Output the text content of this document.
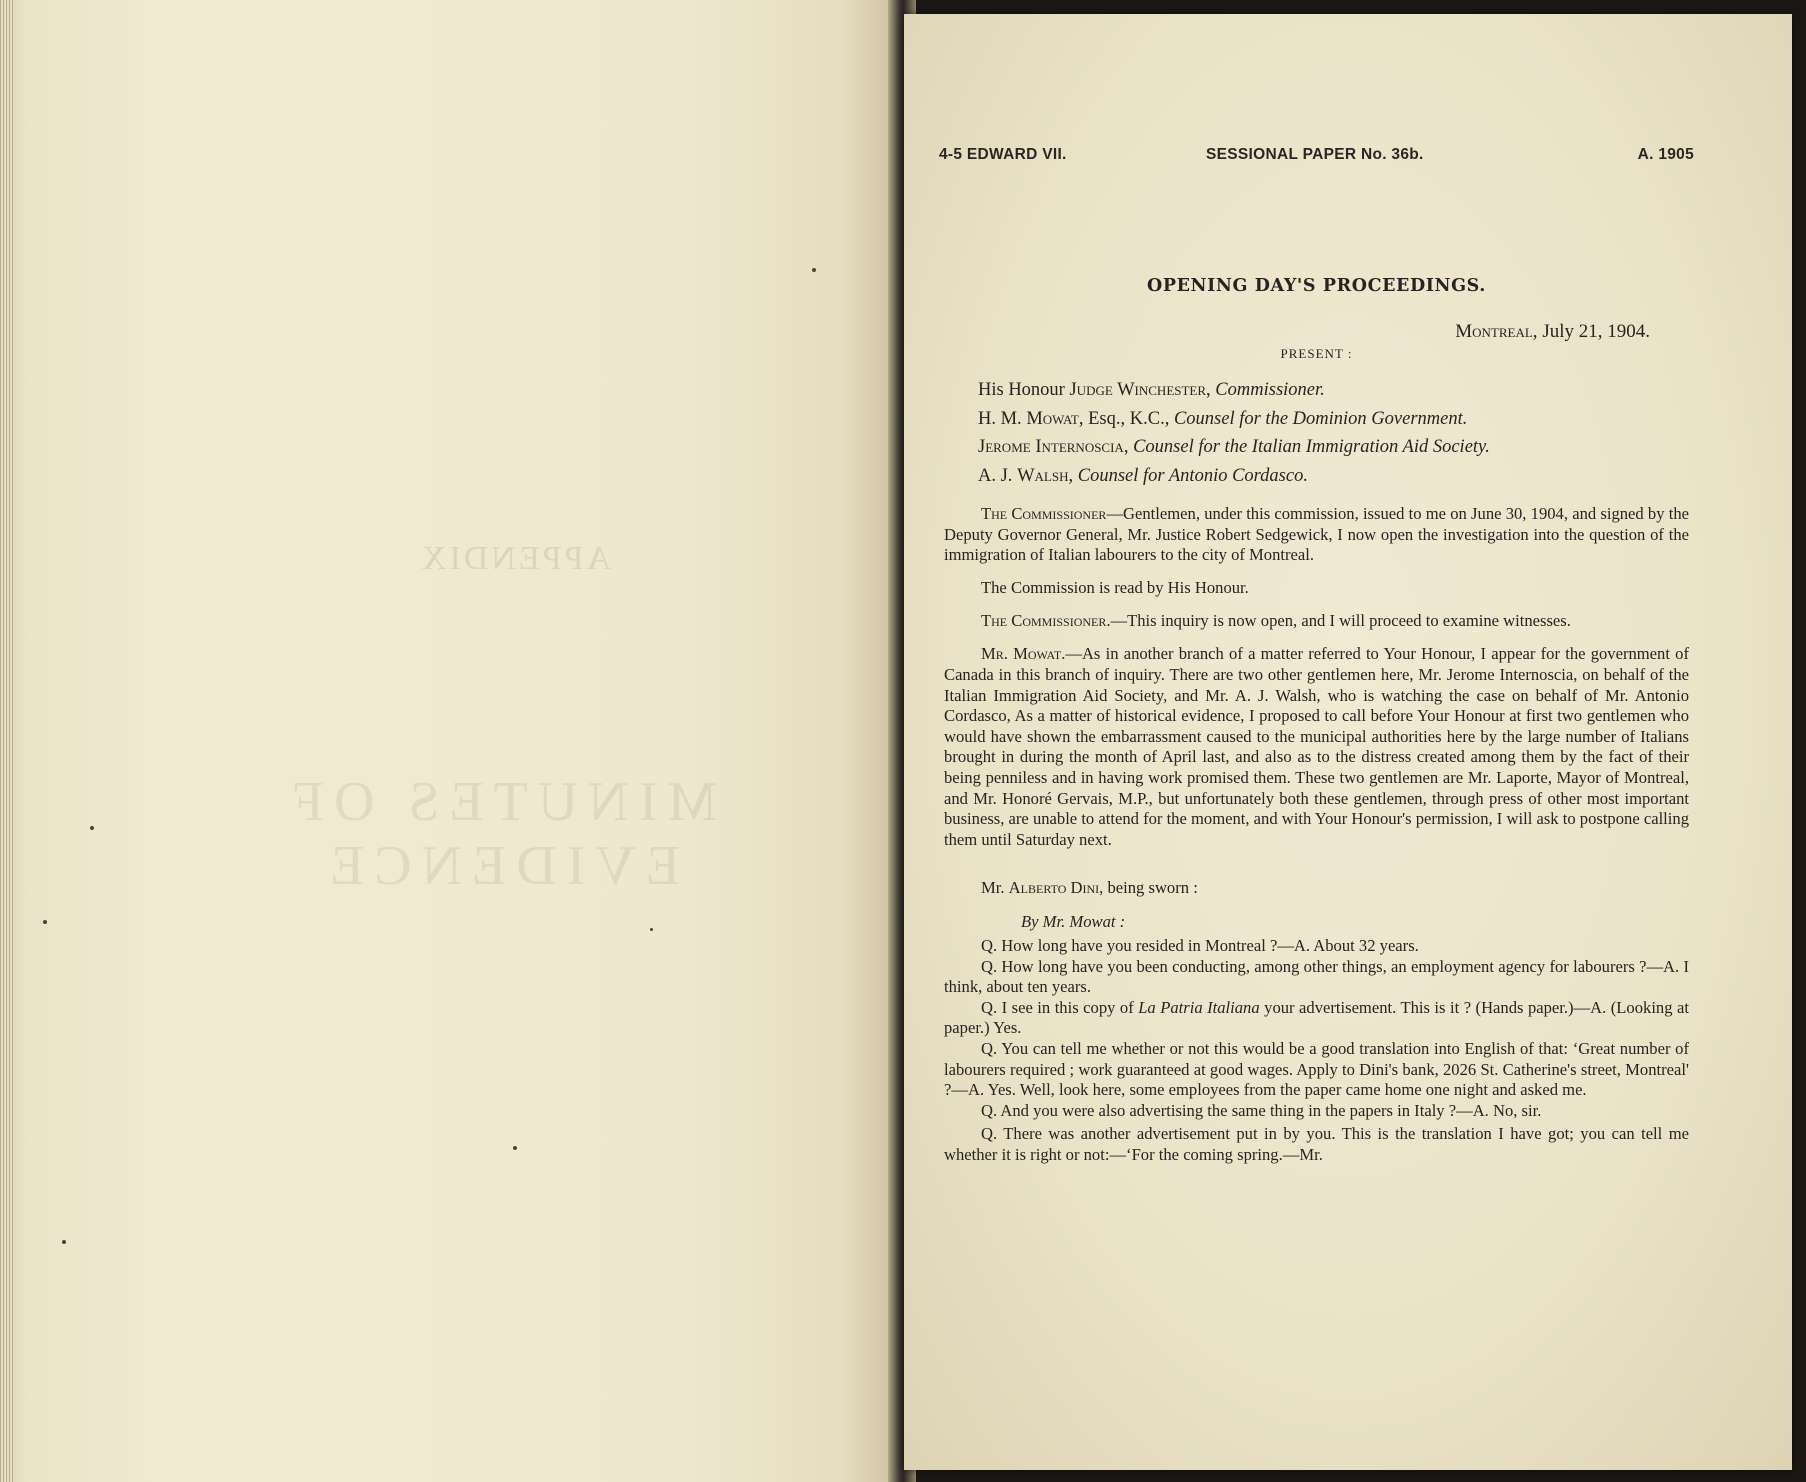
APPENDIX
MINUTES OF EVIDENCE
4-5 EDWARD VII.	SESSIONAL PAPER No. 36b.	A. 1905
OPENING DAY'S PROCEEDINGS.
Montreal, July 21, 1904.
PRESENT :
His Honour Judge Winchester, Commissioner.
H. M. Mowat, Esq., K.C., Counsel for the Dominion Government.
Jerome Internoscia, Counsel for the Italian Immigration Aid Society.
A. J. Walsh, Counsel for Antonio Cordasco.

The Commissioner—Gentlemen, under this commission, issued to me on June 30, 1904, and signed by the Deputy Governor General, Mr. Justice Robert Sedgewick, I now open the investigation into the question of the immigration of Italian labourers to the city of Montreal.

The Commission is read by His Honour.

The Commissioner.—This inquiry is now open, and I will proceed to examine witnesses.

Mr. Mowat.—As in another branch of a matter referred to Your Honour, I appear for the government of Canada in this branch of inquiry. There are two other gentlemen here, Mr. Jerome Internoscia, on behalf of the Italian Immigration Aid Society, and Mr. A. J. Walsh, who is watching the case on behalf of Mr. Antonio Cordasco, As a matter of historical evidence, I proposed to call before Your Honour at first two gentlemen who would have shown the embarrassment caused to the municipal authorities here by the large number of Italians brought in during the month of April last, and also as to the distress created among them by the fact of their being penniless and in having work promised them. These two gentlemen are Mr. Laporte, Mayor of Montreal, and Mr. Honoré Gervais, M.P., but unfortunately both these gentlemen, through press of other most important business, are unable to attend for the moment, and with Your Honour's permission, I will ask to postpone calling them until Saturday next.

Mr. Alberto Dini, being sworn :

By Mr. Mowat :

Q. How long have you resided in Montreal ?—A. About 32 years.

Q. How long have you been conducting, among other things, an employment agency for labourers ?—A. I think, about ten years.

Q. I see in this copy of La Patria Italiana your advertisement. This is it ? (Hands paper.)—A. (Looking at paper.) Yes.

Q. You can tell me whether or not this would be a good translation into English of that: ‘Great number of labourers required ; work guaranteed at good wages. Apply to Dini's bank, 2026 St. Catherine's street, Montreal' ?—A. Yes. Well, look here, some employees from the paper came home one night and asked me.

Q. And you were also advertising the same thing in the papers in Italy ?—A. No, sir.

Q. There was another advertisement put in by you. This is the translation I have got; you can tell me whether it is right or not:—‘For the coming spring.—Mr.
